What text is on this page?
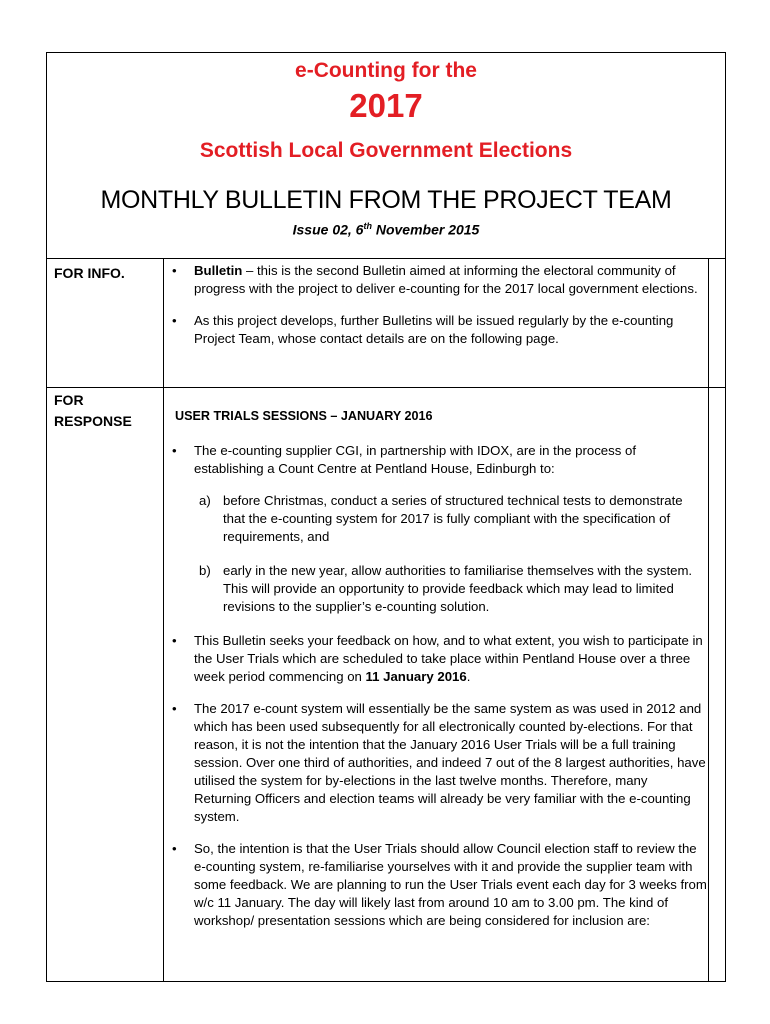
e-Counting for the
2017
Scottish Local Government Elections
MONTHLY BULLETIN FROM THE PROJECT TEAM
Issue 02, 6th November 2015
FOR INFO.	• Bulletin – this is the second Bulletin aimed at informing the electoral community of progress with the project to deliver e-counting for the 2017 local government elections.
• As this project develops, further Bulletins will be issued regularly by the e-counting Project Team, whose contact details are on the following page.
FOR RESPONSE	USER TRIALS SESSIONS – JANUARY 2016
• The e-counting supplier CGI, in partnership with IDOX, are in the process of establishing a Count Centre at Pentland House, Edinburgh to:
a) before Christmas, conduct a series of structured technical tests to demonstrate that the e-counting system for 2017 is fully compliant with the specification of requirements, and
b) early in the new year, allow authorities to familiarise themselves with the system. This will provide an opportunity to provide feedback which may lead to limited revisions to the supplier’s e-counting solution.
• This Bulletin seeks your feedback on how, and to what extent, you wish to participate in the User Trials which are scheduled to take place within Pentland House over a three week period commencing on 11 January 2016.
• The 2017 e-count system will essentially be the same system as was used in 2012 and which has been used subsequently for all electronically counted by-elections. For that reason, it is not the intention that the January 2016 User Trials will be a full training session. Over one third of authorities, and indeed 7 out of the 8 largest authorities, have utilised the system for by-elections in the last twelve months. Therefore, many Returning Officers and election teams will already be very familiar with the e-counting system.
• So, the intention is that the User Trials should allow Council election staff to review the e-counting system, re-familiarise yourselves with it and provide the supplier team with some feedback. We are planning to run the User Trials event each day for 3 weeks from w/c 11 January. The day will likely last from around 10 am to 3.00 pm. The kind of workshop/ presentation sessions which are being considered for inclusion are:
